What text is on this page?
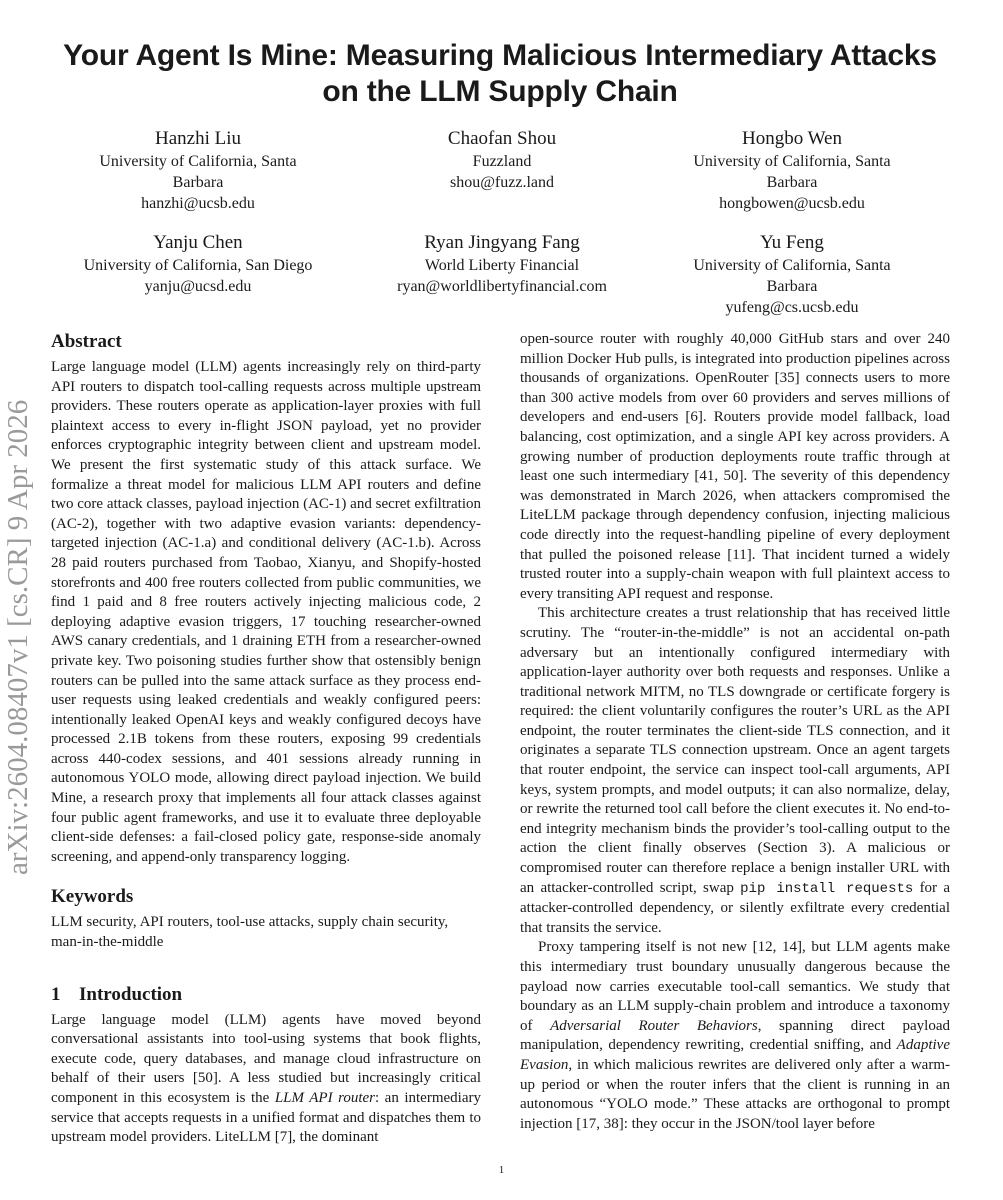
arXiv:2604.08407v1 [cs.CR] 9 Apr 2026
Your Agent Is Mine: Measuring Malicious Intermediary Attacks
on the LLM Supply Chain
Hanzhi Liu
University of California, Santa
Barbara
hanzhi@ucsb.edu
Chaofan Shou
Fuzzland
shou@fuzz.land
Hongbo Wen
University of California, Santa
Barbara
hongbowen@ucsb.edu
Yanju Chen
University of California, San Diego
yanju@ucsd.edu
Ryan Jingyang Fang
World Liberty Financial
ryan@worldlibertyfinancial.com
Yu Feng
University of California, Santa
Barbara
yufeng@cs.ucsb.edu
Abstract

Large language model (LLM) agents increasingly rely on third-party API routers to dispatch tool-calling requests across multiple upstream providers. These routers operate as application-layer proxies with full plaintext access to every in-flight JSON payload, yet no provider enforces cryptographic integrity between client and upstream model. We present the first systematic study of this attack surface. We formalize a threat model for malicious LLM API routers and define two core attack classes, payload injection (AC-1) and secret exfiltration (AC-2), together with two adaptive evasion variants: dependency-targeted injection (AC-1.a) and conditional delivery (AC-1.b). Across 28 paid routers purchased from Taobao, Xianyu, and Shopify-hosted storefronts and 400 free routers collected from public communities, we find 1 paid and 8 free routers actively injecting malicious code, 2 deploying adaptive evasion triggers, 17 touching researcher-owned AWS canary credentials, and 1 draining ETH from a researcher-owned private key. Two poisoning studies further show that ostensibly benign routers can be pulled into the same attack surface as they process end-user requests using leaked credentials and weakly configured peers: intentionally leaked OpenAI keys and weakly configured decoys have processed 2.1B tokens from these routers, exposing 99 credentials across 440-codex sessions, and 401 sessions already running in autonomous YOLO mode, allowing direct payload injection. We build Mine, a research proxy that implements all four attack classes against four public agent frameworks, and use it to evaluate three deployable client-side defenses: a fail-closed policy gate, response-side anomaly screening, and append-only transparency logging.

Keywords

LLM security, API routers, tool-use attacks, supply chain security, man-in-the-middle

1 Introduction

Large language model (LLM) agents have moved beyond conversational assistants into tool-using systems that book flights, execute code, query databases, and manage cloud infrastructure on behalf of their users [50]. A less studied but increasingly critical component in this ecosystem is the LLM API router: an intermediary service that accepts requests in a unified format and dispatches them to upstream model providers. LiteLLM [7], the dominant

open-source router with roughly 40,000 GitHub stars and over 240 million Docker Hub pulls, is integrated into production pipelines across thousands of organizations. OpenRouter [35] connects users to more than 300 active models from over 60 providers and serves millions of developers and end-users [6]. Routers provide model fallback, load balancing, cost optimization, and a single API key across providers. A growing number of production deployments route traffic through at least one such intermediary [41, 50]. The severity of this dependency was demonstrated in March 2026, when attackers compromised the LiteLLM package through dependency confusion, injecting malicious code directly into the request-handling pipeline of every deployment that pulled the poisoned release [11]. That incident turned a widely trusted router into a supply-chain weapon with full plaintext access to every transiting API request and response.

This architecture creates a trust relationship that has received little scrutiny. The “router-in-the-middle” is not an accidental on-path adversary but an intentionally configured intermediary with application-layer authority over both requests and responses. Unlike a traditional network MITM, no TLS downgrade or certificate forgery is required: the client voluntarily configures the router’s URL as the API endpoint, the router terminates the client-side TLS connection, and it originates a separate TLS connection upstream. Once an agent targets that router endpoint, the service can inspect tool-call arguments, API keys, system prompts, and model outputs; it can also normalize, delay, or rewrite the returned tool call before the client executes it. No end-to-end integrity mechanism binds the provider’s tool-calling output to the action the client finally observes (Section 3). A malicious or compromised router can therefore replace a benign installer URL with an attacker-controlled script, swap pip install requests for a attacker-controlled dependency, or silently exfiltrate every credential that transits the service.

Proxy tampering itself is not new [12, 14], but LLM agents make this intermediary trust boundary unusually dangerous because the payload now carries executable tool-call semantics. We study that boundary as an LLM supply-chain problem and introduce a taxonomy of Adversarial Router Behaviors, spanning direct payload manipulation, dependency rewriting, credential sniffing, and Adaptive Evasion, in which malicious rewrites are delivered only after a warm-up period or when the router infers that the client is running in an autonomous “YOLO mode.” These attacks are orthogonal to prompt injection [17, 38]: they occur in the JSON/tool layer before

1
